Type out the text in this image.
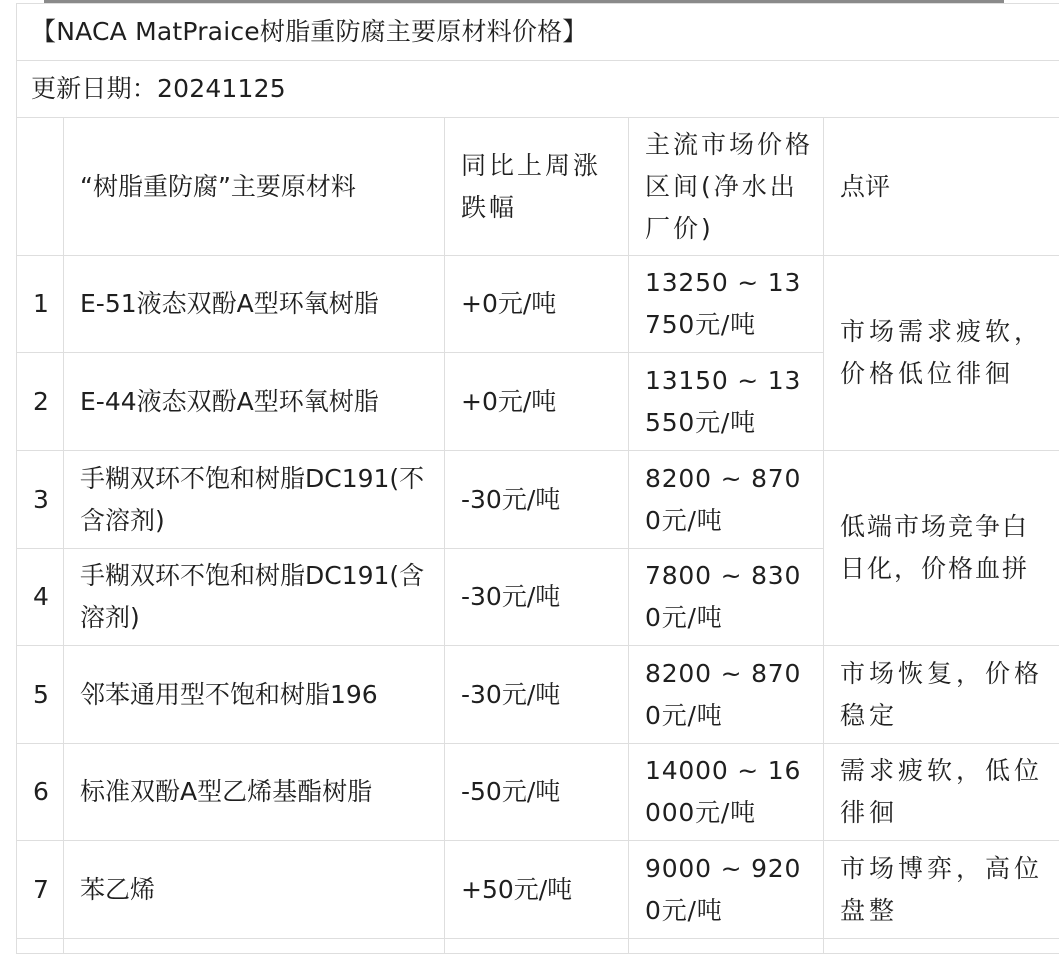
【NACA MatPraice树脂重防腐主要原材料价格】				
更新日期：20241125				
	“树脂重防腐”主要原材料	同比上周涨跌幅	主流市场价格区间(净水出厂价)	点评
1	E-51液态双酚A型环氧树脂	+0元/吨	13250 ~ 13750元/吨	市场需求疲软，价格低位徘徊
2	E-44液态双酚A型环氧树脂	+0元/吨	13150 ~ 13550元/吨	
3	手糊双环不饱和树脂DC191(不含溶剂)	-30元/吨	8200 ~ 8700元/吨	低端市场竞争白日化，价格血拼
4	手糊双环不饱和树脂DC191(含溶剂)	-30元/吨	7800 ~ 8300元/吨	
5	邻苯通用型不饱和树脂196	-30元/吨	8200 ~ 8700元/吨	市场恢复，价格稳定
6	标准双酚A型乙烯基酯树脂	-50元/吨	14000 ~ 16000元/吨	需求疲软，低位徘徊
7	苯乙烯	+50元/吨	9000 ~ 9200元/吨	市场博弈，高位盘整
